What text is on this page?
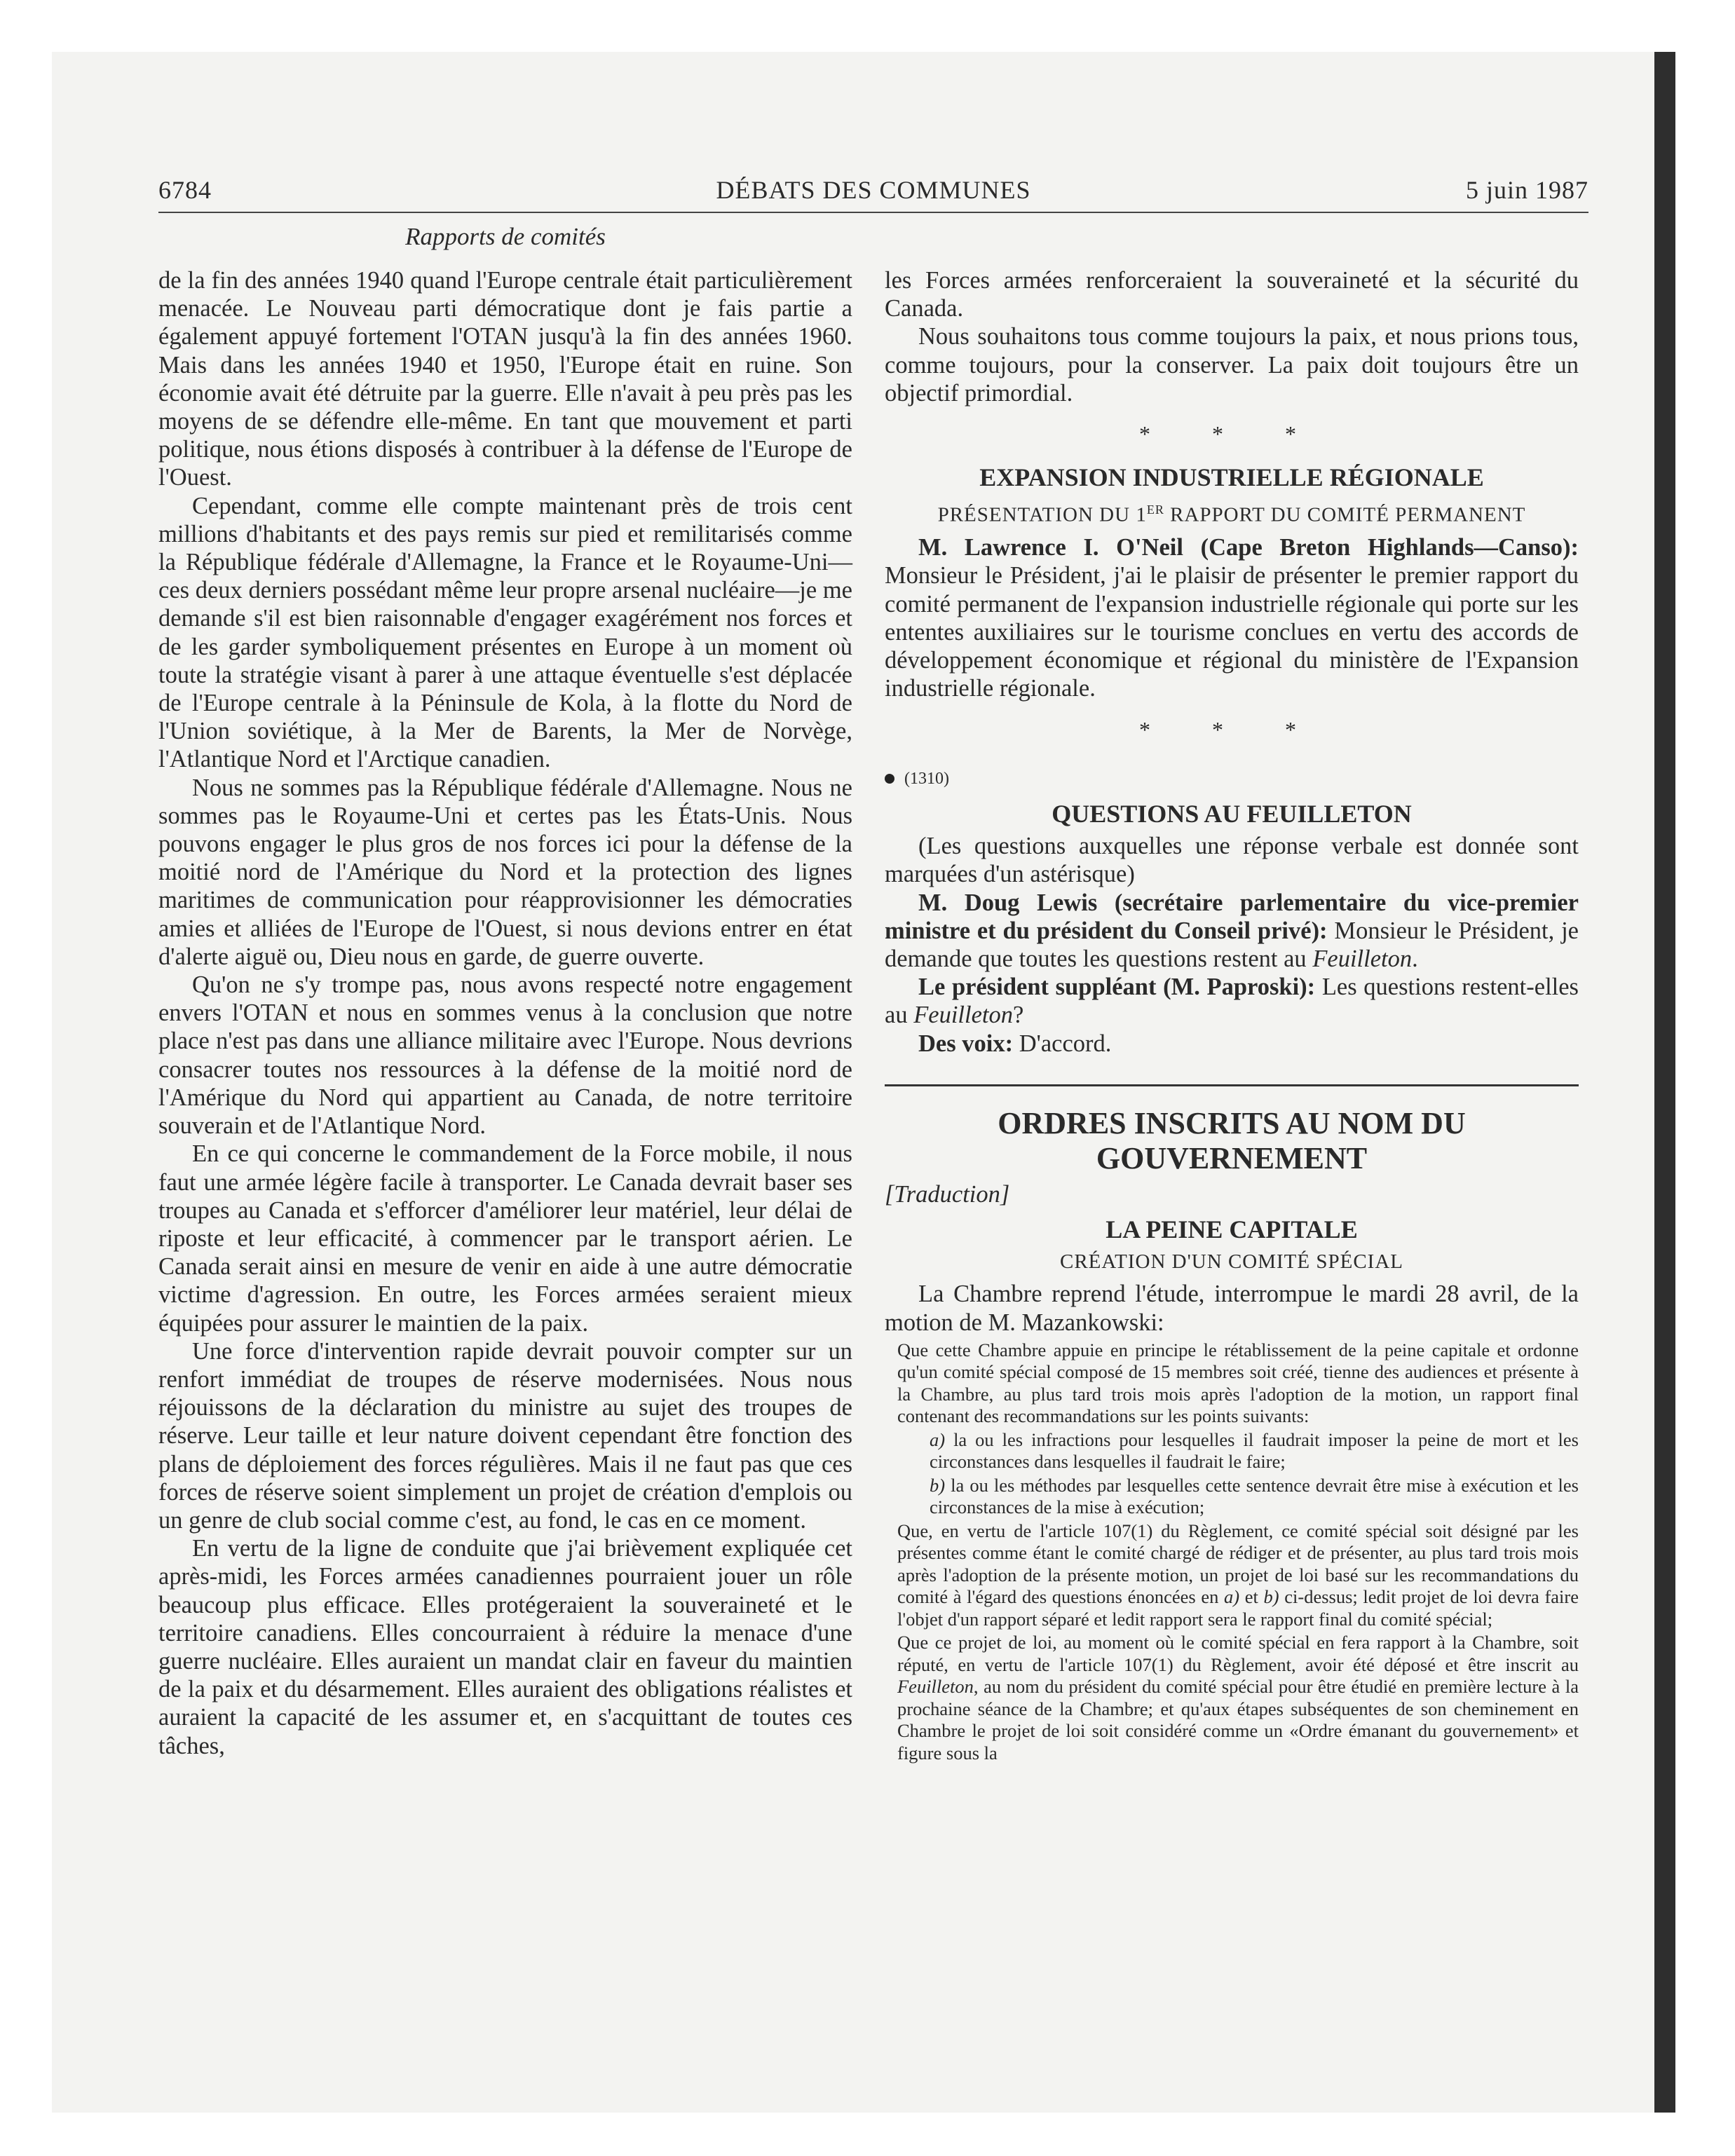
6784	DÉBATS DES COMMUNES	5 juin 1987
Rapports de comités

de la fin des années 1940 quand l'Europe centrale était particulièrement menacée. Le Nouveau parti démocratique dont je fais partie a également appuyé fortement l'OTAN jusqu'à la fin des années 1960. Mais dans les années 1940 et 1950, l'Europe était en ruine. Son économie avait été détruite par la guerre. Elle n'avait à peu près pas les moyens de se défendre elle-même. En tant que mouvement et parti politique, nous étions disposés à contribuer à la défense de l'Europe de l'Ouest.

Cependant, comme elle compte maintenant près de trois cent millions d'habitants et des pays remis sur pied et remilitarisés comme la République fédérale d'Allemagne, la France et le Royaume-Uni—ces deux derniers possédant même leur propre arsenal nucléaire—je me demande s'il est bien raisonnable d'engager exagérément nos forces et de les garder symboliquement présentes en Europe à un moment où toute la stratégie visant à parer à une attaque éventuelle s'est déplacée de l'Europe centrale à la Péninsule de Kola, à la flotte du Nord de l'Union soviétique, à la Mer de Barents, la Mer de Norvège, l'Atlantique Nord et l'Arctique canadien.

Nous ne sommes pas la République fédérale d'Allemagne. Nous ne sommes pas le Royaume-Uni et certes pas les États-Unis. Nous pouvons engager le plus gros de nos forces ici pour la défense de la moitié nord de l'Amérique du Nord et la protection des lignes maritimes de communication pour réapprovisionner les démocraties amies et alliées de l'Europe de l'Ouest, si nous devions entrer en état d'alerte aiguë ou, Dieu nous en garde, de guerre ouverte.

Qu'on ne s'y trompe pas, nous avons respecté notre engagement envers l'OTAN et nous en sommes venus à la conclusion que notre place n'est pas dans une alliance militaire avec l'Europe. Nous devrions consacrer toutes nos ressources à la défense de la moitié nord de l'Amérique du Nord qui appartient au Canada, de notre territoire souverain et de l'Atlantique Nord.

En ce qui concerne le commandement de la Force mobile, il nous faut une armée légère facile à transporter. Le Canada devrait baser ses troupes au Canada et s'efforcer d'améliorer leur matériel, leur délai de riposte et leur efficacité, à commencer par le transport aérien. Le Canada serait ainsi en mesure de venir en aide à une autre démocratie victime d'agression. En outre, les Forces armées seraient mieux équipées pour assurer le maintien de la paix.

Une force d'intervention rapide devrait pouvoir compter sur un renfort immédiat de troupes de réserve modernisées. Nous nous réjouissons de la déclaration du ministre au sujet des troupes de réserve. Leur taille et leur nature doivent cependant être fonction des plans de déploiement des forces régulières. Mais il ne faut pas que ces forces de réserve soient simplement un projet de création d'emplois ou un genre de club social comme c'est, au fond, le cas en ce moment.

En vertu de la ligne de conduite que j'ai brièvement expliquée cet après-midi, les Forces armées canadiennes pourraient jouer un rôle beaucoup plus efficace. Elles protégeraient la souveraineté et le territoire canadiens. Elles concourraient à réduire la menace d'une guerre nucléaire. Elles auraient un mandat clair en faveur du maintien de la paix et du désarmement. Elles auraient des obligations réalistes et auraient la capacité de les assumer et, en s'acquittant de toutes ces tâches,

les Forces armées renforceraient la souveraineté et la sécurité du Canada.

Nous souhaitons tous comme toujours la paix, et nous prions tous, comme toujours, pour la conserver. La paix doit toujours être un objectif primordial.

* * *
EXPANSION INDUSTRIELLE RÉGIONALE
PRÉSENTATION DU 1ER RAPPORT DU COMITÉ PERMANENT

M. Lawrence I. O'Neil (Cape Breton Highlands—Canso): Monsieur le Président, j'ai le plaisir de présenter le premier rapport du comité permanent de l'expansion industrielle régionale qui porte sur les ententes auxiliaires sur le tourisme conclues en vertu des accords de développement économique et régional du ministère de l'Expansion industrielle régionale.

* * *
(1310)
QUESTIONS AU FEUILLETON

(Les questions auxquelles une réponse verbale est donnée sont marquées d'un astérisque)

M. Doug Lewis (secrétaire parlementaire du vice-premier ministre et du président du Conseil privé): Monsieur le Président, je demande que toutes les questions restent au Feuilleton.

Le président suppléant (M. Paproski): Les questions restent-elles au Feuilleton?

Des voix: D'accord.

ORDRES INSCRITS AU NOM DU GOUVERNEMENT

[Traduction]

LA PEINE CAPITALE
CRÉATION D'UN COMITÉ SPÉCIAL

La Chambre reprend l'étude, interrompue le mardi 28 avril, de la motion de M. Mazankowski:

Que cette Chambre appuie en principe le rétablissement de la peine capitale et ordonne qu'un comité spécial composé de 15 membres soit créé, tienne des audiences et présente à la Chambre, au plus tard trois mois après l'adoption de la motion, un rapport final contenant des recommandations sur les points suivants:

a) la ou les infractions pour lesquelles il faudrait imposer la peine de mort et les circonstances dans lesquelles il faudrait le faire;

b) la ou les méthodes par lesquelles cette sentence devrait être mise à exécution et les circonstances de la mise à exécution;

Que, en vertu de l'article 107(1) du Règlement, ce comité spécial soit désigné par les présentes comme étant le comité chargé de rédiger et de présenter, au plus tard trois mois après l'adoption de la présente motion, un projet de loi basé sur les recommandations du comité à l'égard des questions énoncées en a) et b) ci-dessus; ledit projet de loi devra faire l'objet d'un rapport séparé et ledit rapport sera le rapport final du comité spécial;

Que ce projet de loi, au moment où le comité spécial en fera rapport à la Chambre, soit réputé, en vertu de l'article 107(1) du Règlement, avoir été déposé et être inscrit au Feuilleton, au nom du président du comité spécial pour être étudié en première lecture à la prochaine séance de la Chambre; et qu'aux étapes subséquentes de son cheminement en Chambre le projet de loi soit considéré comme un «Ordre émanant du gouvernement» et figure sous la
